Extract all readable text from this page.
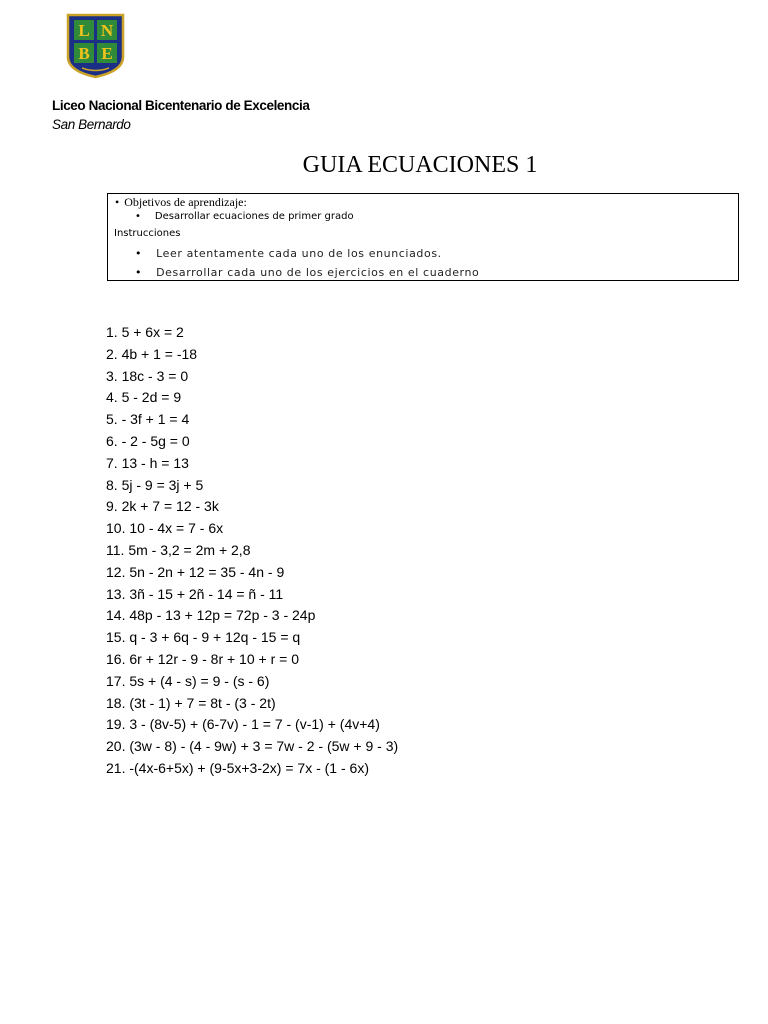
L N
B E
Liceo Nacional Bicentenario de Excelencia
San Bernardo
GUIA ECUACIONES 1
• Objetivos de aprendizaje:
• Desarrollar ecuaciones de primer grado
Instrucciones
• Leer atentamente cada uno de los enunciados.
• Desarrollar cada uno de los ejercicios en el cuaderno
1. 5 + 6x = 2
2. 4b + 1 = -18
3. 18c - 3 = 0
4. 5 - 2d = 9
5. - 3f + 1 = 4
6. - 2 - 5g = 0
7. 13 - h = 13
8. 5j - 9 = 3j + 5
9. 2k + 7 = 12 - 3k
10. 10 - 4x = 7 - 6x
11. 5m - 3,2 = 2m + 2,8
12. 5n - 2n + 12 = 35 - 4n - 9
13. 3ñ - 15 + 2ñ - 14 = ñ - 11
14. 48p - 13 + 12p = 72p - 3 - 24p
15. q - 3 + 6q - 9 + 12q - 15 = q
16. 6r + 12r - 9 - 8r + 10 + r = 0
17. 5s + (4 - s) = 9 - (s - 6)
18. (3t - 1) + 7 = 8t - (3 - 2t)
19. 3 - (8v-5) + (6-7v) - 1 = 7 - (v-1) + (4v+4)
20. (3w - 8) - (4 - 9w) + 3 = 7w - 2 - (5w + 9 - 3)
21. -(4x-6+5x) + (9-5x+3-2x) = 7x - (1 - 6x)
